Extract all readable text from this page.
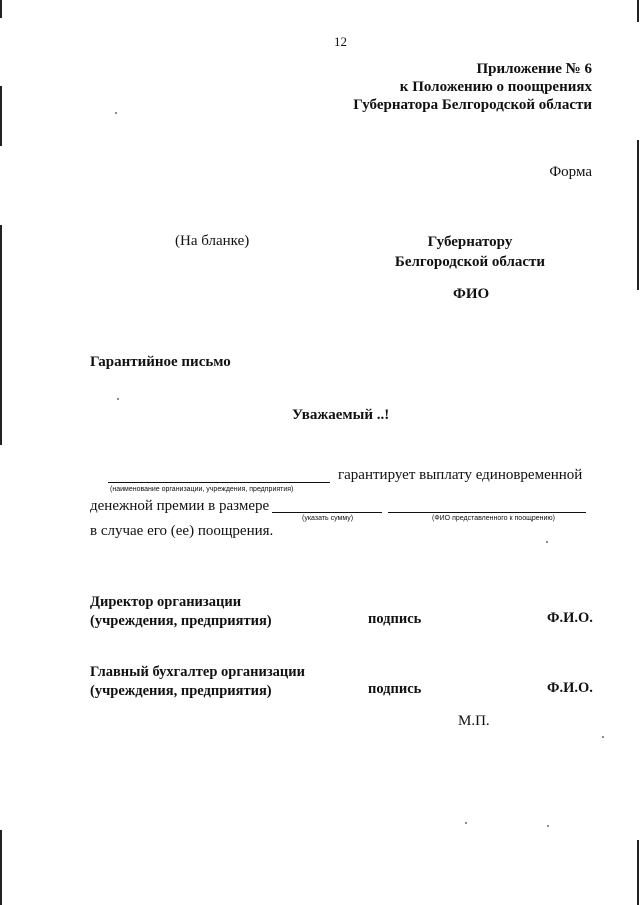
12
Приложение № 6
к Положению о поощрениях
Губернатора Белгородской области
Форма
(На бланке)	Губернатору
Белгородской области
ФИО
Гарантийное письмо
Уважаемый ..!
гарантирует выплату единовременной
(наименование организации, учреждения, предприятия)
денежной премии в размере
(указать сумму)	(ФИО представленного к поощрению)
в случае его (ее) поощрения.
Директор организации
(учреждения, предприятия)	подпись	Ф.И.О.
Главный бухгалтер организации
(учреждения, предприятия)	подпись	Ф.И.О.
М.П.
